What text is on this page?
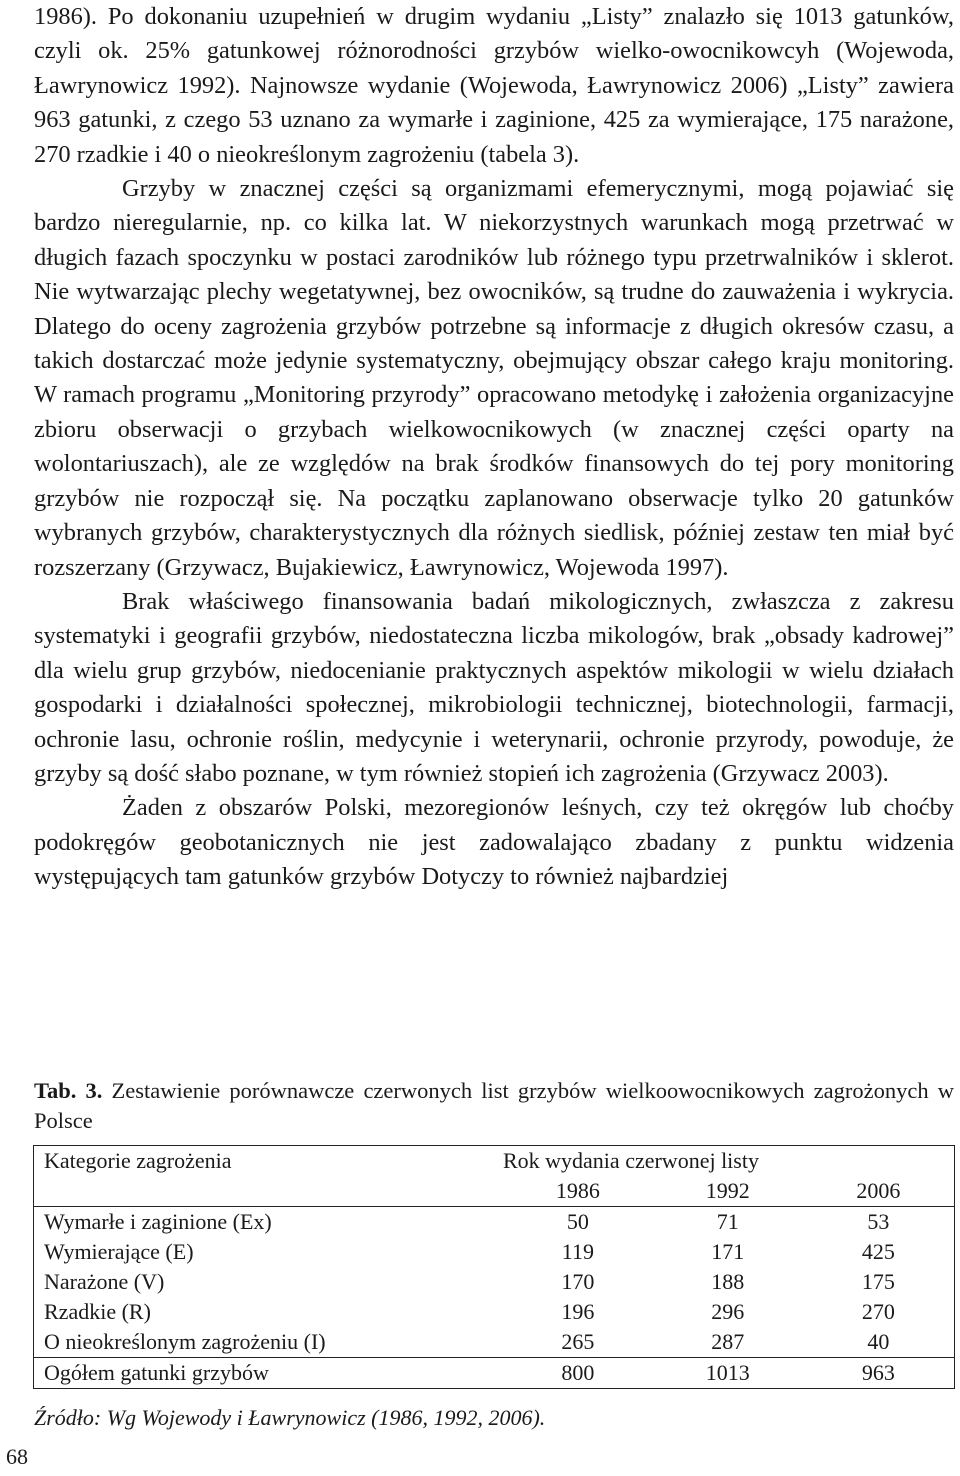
1986). Po dokonaniu uzupełnień w drugim wydaniu „Listy” znalazło się 1013 gatunków, czyli ok. 25% gatunkowej różnorodności grzybów wielko-owocnikowcyh (Wojewoda, Ławrynowicz 1992). Najnowsze wydanie (Wojewoda, Ławrynowicz 2006) „Listy” zawiera 963 gatunki, z czego 53 uznano za wymarłe i zaginione, 425 za wymierające, 175 narażone, 270 rzadkie i 40 o nieokreślonym zagrożeniu (tabela 3).

Grzyby w znacznej części są organizmami efemerycznymi, mogą pojawiać się bardzo nieregularnie, np. co kilka lat. W niekorzystnych warunkach mogą przetrwać w długich fazach spoczynku w postaci zarodników lub różnego typu przetrwalników i sklerot. Nie wytwarzając plechy wegetatywnej, bez owocników, są trudne do zauważenia i wykrycia. Dlatego do oceny zagrożenia grzybów potrzebne są informacje z długich okresów czasu, a takich dostarczać może jedynie systematyczny, obejmujący obszar całego kraju monitoring. W ramach programu „Monitoring przyrody” opracowano metodykę i założenia organizacyjne zbioru obserwacji o grzybach wielkowocnikowych (w znacznej części oparty na wolontariuszach), ale ze względów na brak środków finansowych do tej pory monitoring grzybów nie rozpoczął się. Na początku zaplanowano obserwacje tylko 20 gatunków wybranych grzybów, charakterystycznych dla różnych siedlisk, później zestaw ten miał być rozszerzany (Grzywacz, Bujakiewicz, Ławrynowicz, Wojewoda 1997).

Brak właściwego finansowania badań mikologicznych, zwłaszcza z zakresu systematyki i geografii grzybów, niedostateczna liczba mikologów, brak „obsady kadrowej” dla wielu grup grzybów, niedocenianie praktycznych aspektów mikologii w wielu działach gospodarki i działalności społecznej, mikrobiologii technicznej, biotechnologii, farmacji, ochronie lasu, ochronie roślin, medycynie i weterynarii, ochronie przyrody, powoduje, że grzyby są dość słabo poznane, w tym również stopień ich zagrożenia (Grzywacz 2003).

Żaden z obszarów Polski, mezoregionów leśnych, czy też okręgów lub choćby podokręgów geobotanicznych nie jest zadowalająco zbadany z punktu widzenia występujących tam gatunków grzybów Dotyczy to również najbardziej

Tab. 3. Zestawienie porównawcze czerwonych list grzybów wielkoowocnikowych zagrożonych w Polsce
Kategorie zagrożenia	Rok wydania czerwonej listy		
	1986	1992	2006
Wymarłe i zaginione (Ex)	50	71	53
Wymierające (E)	119	171	425
Narażone (V)	170	188	175
Rzadkie (R)	196	296	270
O nieokreślonym zagrożeniu (I)	265	287	40
Ogółem gatunki grzybów	800	1013	963
Źródło: Wg Wojewody i Ławrynowicz (1986, 1992, 2006).
68
